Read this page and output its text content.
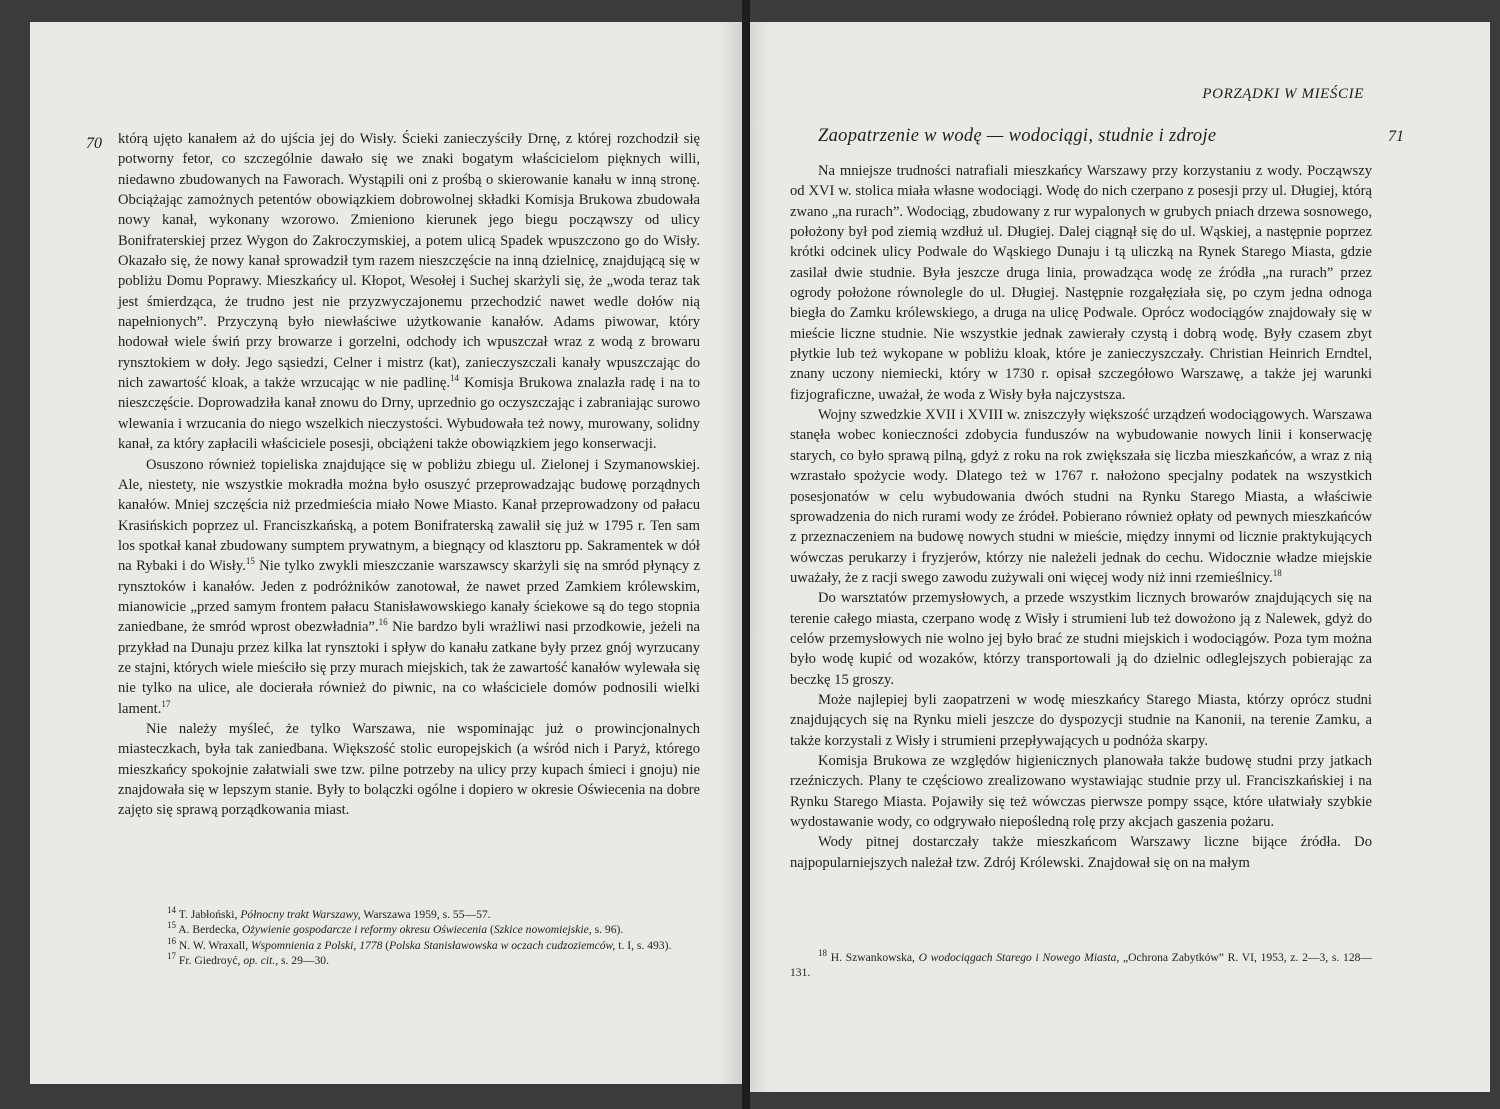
70 którą ujęto kanałem aż do ujścia jej do Wisły. Ścieki zanieczyściły Drnę, z której rozchodził się potworny fetor, co szczególnie dawało się we znaki bogatym właścicielom pięknych willi, niedawno zbudowanych na Faworach. Wystąpili oni z prośbą o skierowanie kanału w inną stronę. Obciążając zamożnych petentów obowiązkiem dobrowolnej składki Komisja Brukowa zbudowała nowy kanał, wykonany wzorowo. Zmieniono kierunek jego biegu począwszy od ulicy Bonifraterskiej przez Wygon do Zakroczymskiej, a potem ulicą Spadek wpuszczono go do Wisły. Okazało się, że nowy kanał sprowadził tym razem nieszczęście na inną dzielnicę, znajdującą się w pobliżu Domu Poprawy. Mieszkańcy ul. Kłopot, Wesołej i Suchej skarżyli się, że „woda teraz tak jest śmierdząca, że trudno jest nie przyzwyczajonemu przechodzić nawet wedle dołów nią napełnionych”. Przyczyną było niewłaściwe użytkowanie kanałów. Adams piwowar, który hodował wiele świń przy browarze i gorzelni, odchody ich wpuszczał wraz z wodą z browaru rynsztokiem w doły. Jego sąsiedzi, Celner i mistrz (kat), zanieczyszczali kanały wpuszczając do nich zawartość kloak, a także wrzucając w nie padlinę.$^{14}$ Komisja Brukowa znalazła radę i na to nieszczęście. Doprowadziła kanał znowu do Drny, uprzednio go oczyszczając i zabraniając surowo wlewania i wrzucania do niego wszelkich nieczystości. Wybudowała też nowy, murowany, solidny kanał, za który zapłacili właściciele posesji, obciążeni także obowiązkiem jego konserwacji.

Osuszono również topieliska znajdujące się w pobliżu zbiegu ul. Zielonej i Szymanowskiej. Ale, niestety, nie wszystkie mokradła można było osuszyć przeprowadzając budowę porządnych kanałów. Mniej szczęścia niż przedmieścia miało Nowe Miasto. Kanał przeprowadzony od pałacu Krasińskich poprzez ul. Franciszkańską, a potem Bonifraterską zawalił się już w 1795 r. Ten sam los spotkał kanał zbudowany sumptem prywatnym, a biegnący od klasztoru pp. Sakramentek w dół na Rybaki i do Wisły.$^{15}$ Nie tylko zwykli mieszczanie warszawscy skarżyli się na smród płynący z rynsztoków i kanałów. Jeden z podróżników zanotował, że nawet przed Zamkiem królewskim, mianowicie „przed samym frontem pałacu Stanisławowskiego kanały ściekowe są do tego stopnia zaniedbane, że smród wprost obezwładnia”.$^{16}$ Nie bardzo byli wrażliwi nasi przodkowie, jeżeli na przykład na Dunaju przez kilka lat rynsztoki i spływ do kanału zatkane były przez gnój wyrzucany ze stajni, których wiele mieściło się przy murach miejskich, tak że zawartość kanałów wylewała się nie tylko na ulice, ale docierała również do piwnic, na co właściciele domów podnosili wielki lament.$^{17}$

Nie należy myśleć, że tylko Warszawa, nie wspominając już o prowincjonalnych miasteczkach, była tak zaniedbana. Większość stolic europejskich (a wśród nich i Paryż, którego mieszkańcy spokojnie załatwiali swe tzw. pilne potrzeby na ulicy przy kupach śmieci i gnoju) nie znajdowała się w lepszym stanie. Były to bolączki ogólne i dopiero w okresie Oświecenia na dobre zajęto się sprawą porządkowania miast.

$^{14}$ T. Jabłoński, Północny trakt Warszawy, Warszawa 1959, s. 55—57.

$^{15}$ A. Berdecka, Ożywienie gospodarcze i reformy okresu Oświecenia (Szkice nowomiejskie, s. 96).

$^{16}$ N. W. Wraxall, Wspomnienia z Polski, 1778 (Polska Stanisławowska w oczach cudzoziemców, t. I, s. 493).

$^{17}$ Fr. Giedroyć, op. cit., s. 29—30.

PORZĄDKI W MIEŚCIE
Zaopatrzenie w wodę — wodociągi, studnie i zdroje	71

Na mniejsze trudności natrafiali mieszkańcy Warszawy przy korzystaniu z wody. Począwszy od XVI w. stolica miała własne wodociągi. Wodę do nich czerpano z posesji przy ul. Długiej, którą zwano „na rurach”. Wodociąg, zbudowany z rur wypalonych w grubych pniach drzewa sosnowego, położony był pod ziemią wzdłuż ul. Długiej. Dalej ciągnął się do ul. Wąskiej, a następnie poprzez krótki odcinek ulicy Podwale do Wąskiego Dunaju i tą uliczką na Rynek Starego Miasta, gdzie zasilał dwie studnie. Była jeszcze druga linia, prowadząca wodę ze źródła „na rurach” przez ogrody położone równolegle do ul. Długiej. Następnie rozgałęziała się, po czym jedna odnoga biegła do Zamku królewskiego, a druga na ulicę Podwale. Oprócz wodociągów znajdowały się w mieście liczne studnie. Nie wszystkie jednak zawierały czystą i dobrą wodę. Były czasem zbyt płytkie lub też wykopane w pobliżu kloak, które je zanieczyszczały. Christian Heinrich Erndtel, znany uczony niemiecki, który w 1730 r. opisał szczegółowo Warszawę, a także jej warunki fizjograficzne, uważał, że woda z Wisły była najczystsza.

Wojny szwedzkie XVII i XVIII w. zniszczyły większość urządzeń wodociągowych. Warszawa stanęła wobec konieczności zdobycia funduszów na wybudowanie nowych linii i konserwację starych, co było sprawą pilną, gdyż z roku na rok zwiększała się liczba mieszkańców, a wraz z nią wzrastało spożycie wody. Dlatego też w 1767 r. nałożono specjalny podatek na wszystkich posesjonatów w celu wybudowania dwóch studni na Rynku Starego Miasta, a właściwie sprowadzenia do nich rurami wody ze źródeł. Pobierano również opłaty od pewnych mieszkańców z przeznaczeniem na budowę nowych studni w mieście, między innymi od licznie praktykujących wówczas perukarzy i fryzjerów, którzy nie należeli jednak do cechu. Widocznie władze miejskie uważały, że z racji swego zawodu zużywali oni więcej wody niż inni rzemieślnicy.$^{18}$

Do warsztatów przemysłowych, a przede wszystkim licznych browarów znajdujących się na terenie całego miasta, czerpano wodę z Wisły i strumieni lub też dowożono ją z Nalewek, gdyż do celów przemysłowych nie wolno jej było brać ze studni miejskich i wodociągów. Poza tym można było wodę kupić od wozaków, którzy transportowali ją do dzielnic odleglejszych pobierając za beczkę 15 groszy.

Może najlepiej byli zaopatrzeni w wodę mieszkańcy Starego Miasta, którzy oprócz studni znajdujących się na Rynku mieli jeszcze do dyspozycji studnie na Kanonii, na terenie Zamku, a także korzystali z Wisły i strumieni przepływających u podnóża skarpy.

Komisja Brukowa ze względów higienicznych planowała także budowę studni przy jatkach rzeźniczych. Plany te częściowo zrealizowano wystawiając studnie przy ul. Franciszkańskiej i na Rynku Starego Miasta. Pojawiły się też wówczas pierwsze pompy ssące, które ułatwiały szybkie wydostawanie wody, co odgrywało niepośledną rolę przy akcjach gaszenia pożaru.

Wody pitnej dostarczały także mieszkańcom Warszawy liczne bijące źródła. Do najpopularniejszych należał tzw. Zdrój Królewski. Znajdował się on na małym

$^{18}$ H. Szwankowska, O wodociągach Starego i Nowego Miasta, „Ochrona Zabytków” R. VI, 1953, z. 2—3, s. 128—131.
